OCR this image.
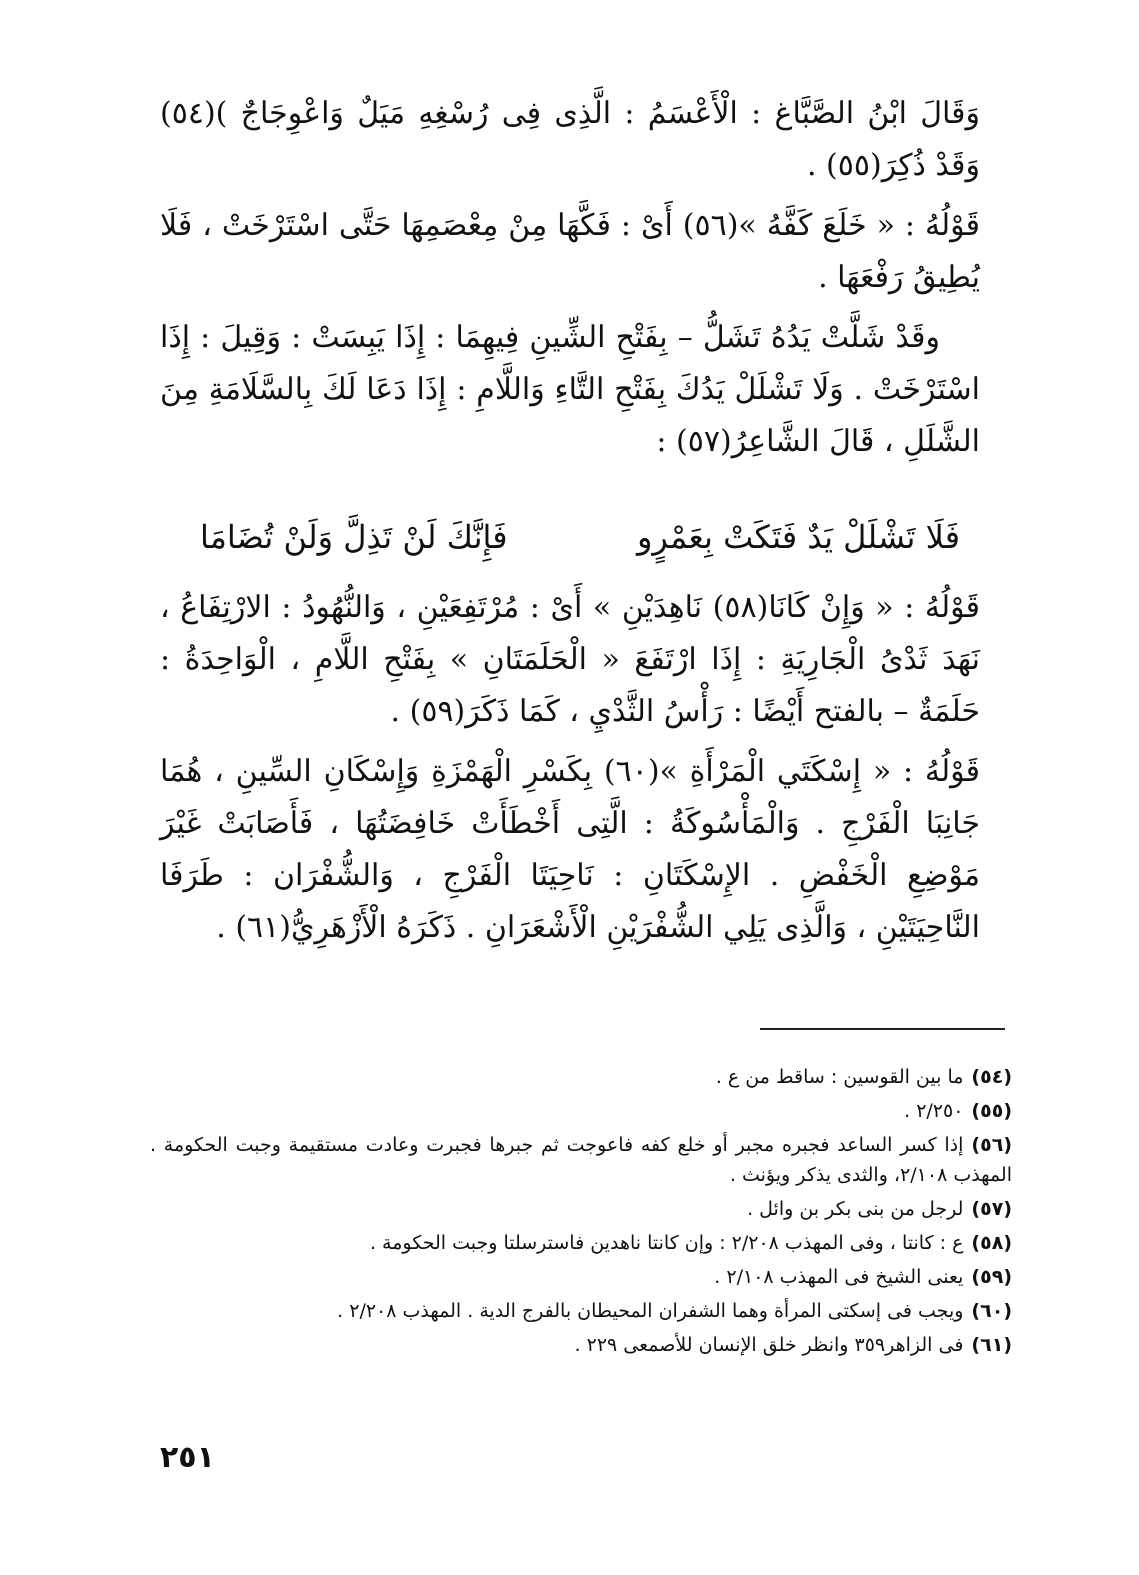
وَقَالَ ابْنُ الصَّبَّاغ : الْأَعْسَمُ : الَّذِى فِى رُسْغِهِ مَيَلٌ وَاعْوِجَاجٌ )(٥٤) وَقَدْ ذُكِرَ(٥٥) .

قَوْلُهُ : « خَلَعَ كَفَّهُ »(٥٦) أَىْ : فَكَّهَا مِنْ مِعْصَمِهَا حَتَّى اسْتَرْخَتْ ، فَلَا يُطِيقُ رَفْعَهَا .

وقَدْ شَلَّتْ يَدُهُ تَشَلُّ – بِفَتْحِ الشِّينِ فِيهِمَا : إِذَا يَبِسَتْ : وَقِيلَ : إِذَا اسْتَرْخَتْ . وَلَا تَشْلَلْ يَدُكَ بِفَتْحِ التَّاءِ وَاللَّامِ : إِذَا دَعَا لَكَ بِالسَّلَامَةِ مِنَ الشَّلَلِ ، قَالَ الشَّاعِرُ(٥٧) :

فَلَا تَشْلَلْ يَدٌ فَتَكَتْ بِعَمْرٍو
فَإِنَّكَ لَنْ تَذِلَّ وَلَنْ تُضَامَا

قَوْلُهُ : « وَإِنْ كَانَا(٥٨) نَاهِدَيْنِ » أَىْ : مُرْتَفِعَيْنِ ، وَالنُّهُودُ : الارْتِفَاعُ ، نَهَدَ ثَدْىُ الْجَارِيَةِ : إِذَا ارْتَفَعَ « الْحَلَمَتَانِ » بِفَتْحِ اللَّامِ ، الْوَاحِدَةُ : حَلَمَةٌ – بالفتح أَيْضًا : رَأْسُ الثَّدْيِ ، كَمَا ذَكَرَ(٥٩) .

قَوْلُهُ : « إِسْكَتَي الْمَرْأَةِ »(٦٠) بِكَسْرِ الْهَمْزَةِ وَإِسْكَانِ السِّينِ ، هُمَا جَانِبَا الْفَرْجِ . وَالْمَأْسُوكَةُ : الَّتِى أَخْطَأَتْ خَافِضَتُهَا ، فَأَصَابَتْ غَيْرَ مَوْضِعِ الْخَفْضِ . الإِسْكَتَانِ : نَاحِيَتَا الْفَرْجِ ، وَالشُّفْرَان : طَرَفَا النَّاحِيَتَيْنِ ، وَالَّذِى يَلِي الشُّفْرَيْنِ الْأَشْعَرَانِ . ذَكَرَهُ الْأَزْهَرِيُّ(٦١) .

(٥٤)ما بين القوسين : ساقط من ع .

(٥٥)٢/٢٥٠ .

(٥٦)إذا كسر الساعد فجبره مجبر أو خلع كفه فاعوجت ثم جبرها فجبرت وعادت مستقيمة وجبت الحكومة . المهذب ٢/١٠٨، والثدى يذكر ويؤنث .

(٥٧)لرجل من بنى بكر بن وائل .

(٥٨)ع : كانتا ، وفى المهذب ٢/٢٠٨ : وإن كانتا ناهدين فاسترسلتا وجبت الحكومة .

(٥٩)يعنى الشيخ فى المهذب ٢/١٠٨ .

(٦٠)ويجب فى إسكتى المرأة وهما الشفران المحيطان بالفرج الدية . المهذب ٢/٢٠٨ .

(٦١)فى الزاهر٣٥٩ وانظر خلق الإنسان للأصمعى ٢٢٩ .

٢٥١
